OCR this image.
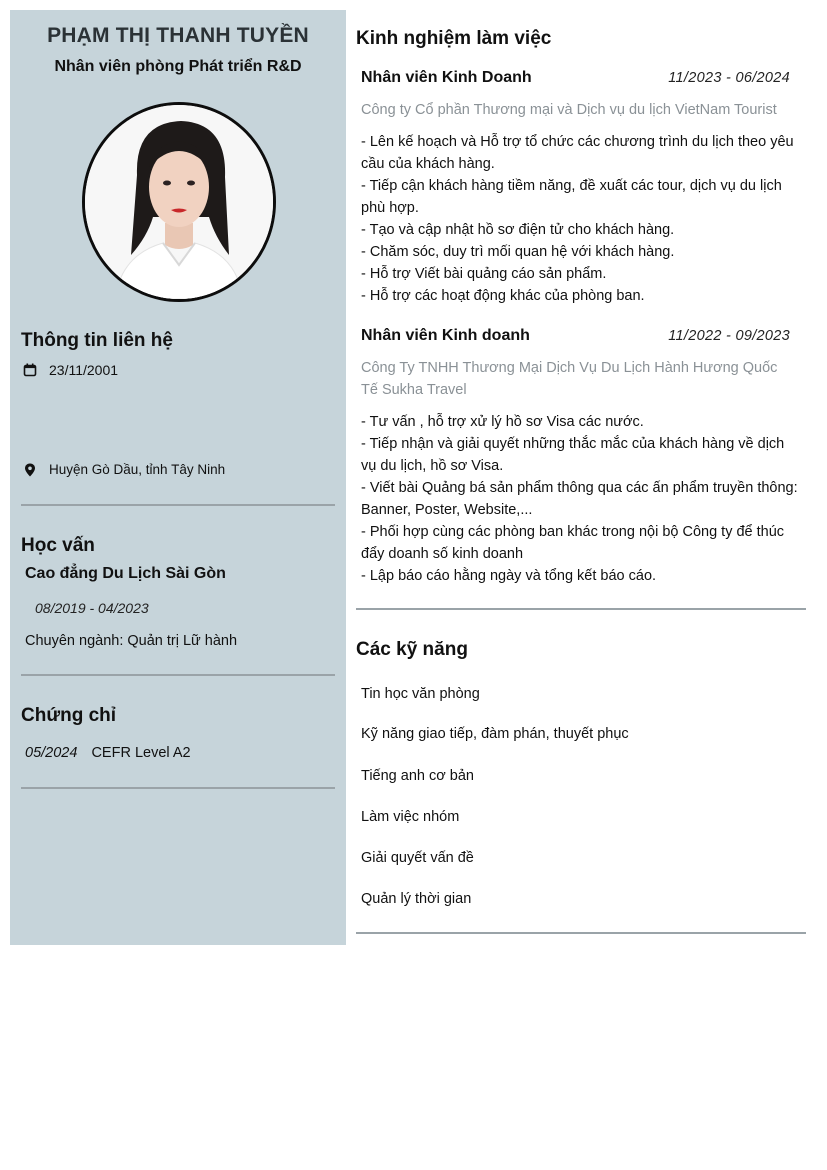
PHẠM THỊ THANH TUYỀN
Nhân viên phòng Phát triển R&D
Thông tin liên hệ
23/11/2001
Huyện Gò Dầu, tỉnh Tây Ninh
Học vấn
Cao đẳng Du Lịch Sài Gòn
08/2019 - 04/2023
Chuyên ngành: Quản trị Lữ hành
Chứng chỉ
05/2024 CEFR Level A2
Kinh nghiệm làm việc
Nhân viên Kinh Doanh	11/2023 - 06/2024
Công ty Cổ phần Thương mại và Dịch vụ du lịch VietNam Tourist
- Lên kế hoạch và Hỗ trợ tổ chức các chương trình du lịch theo yêu cầu của khách hàng.
- Tiếp cận khách hàng tiềm năng, đề xuất các tour, dịch vụ du lịch phù hợp.
- Tạo và cập nhật hồ sơ điện tử cho khách hàng.
- Chăm sóc, duy trì mối quan hệ với khách hàng.
- Hỗ trợ Viết bài quảng cáo sản phẩm.
- Hỗ trợ các hoạt động khác của phòng ban.
Nhân viên Kinh doanh	11/2022 - 09/2023
Công Ty TNHH Thương Mại Dịch Vụ Du Lịch Hành Hương Quốc Tế Sukha Travel
- Tư vấn , hỗ trợ xử lý hồ sơ Visa các nước.
- Tiếp nhận và giải quyết những thắc mắc của khách hàng về dịch vụ du lịch, hồ sơ Visa.
- Viết bài Quảng bá sản phẩm thông qua các ấn phẩm truyền thông: Banner, Poster, Website,...
- Phối hợp cùng các phòng ban khác trong nội bộ Công ty để thúc đẩy doanh số kinh doanh
- Lập báo cáo hằng ngày và tổng kết báo cáo.
Các kỹ năng
Tin học văn phòng
Kỹ năng giao tiếp, đàm phán, thuyết phục
Tiếng anh cơ bản
Làm việc nhóm
Giải quyết vấn đề
Quản lý thời gian
